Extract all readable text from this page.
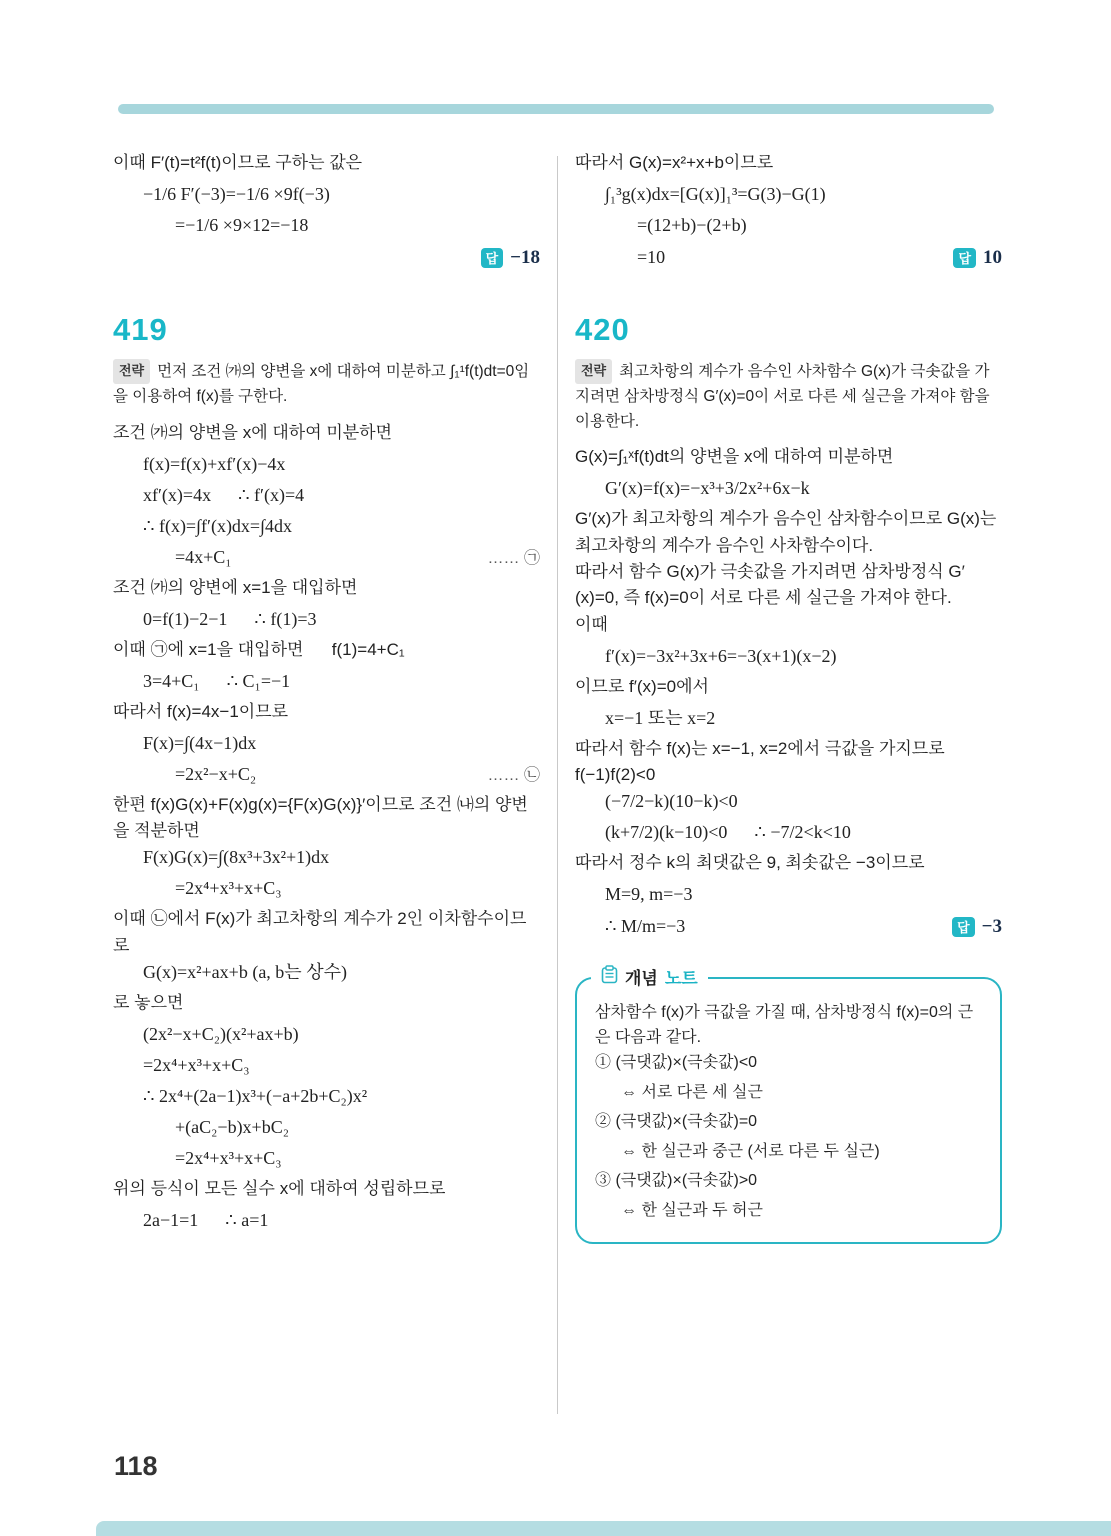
이때 F′(t)=t²f(t)이므로 구하는 값은
−1/6 F′(−3)=−1/6 ×9f(−3)
=−1/6 ×9×12=−18
답 −18
419
전략 먼저 조건 ㈎의 양변을 x에 대하여 미분하고 ∫₁¹f(t)dt=0임을 이용하여 f(x)를 구한다.
조건 ㈎의 양변을 x에 대하여 미분하면
f(x)=f(x)+xf′(x)−4x
xf′(x)=4x      ∴ f′(x)=4
∴ f(x)=∫f′(x)dx=∫4dx
=4x+C₁	…… ㉠
조건 ㈎의 양변에 x=1을 대입하면
0=f(1)−2−1      ∴ f(1)=3
이때 ㉠에 x=1을 대입하면      f(1)=4+C₁
3=4+C₁      ∴ C₁=−1
따라서 f(x)=4x−1이므로
F(x)=∫(4x−1)dx
=2x²−x+C₂	…… ㉡
한편 f(x)G(x)+F(x)g(x)={F(x)G(x)}′이므로 조건 ㈏의 양변을 적분하면
F(x)G(x)=∫(8x³+3x²+1)dx
=2x⁴+x³+x+C₃
이때 ㉡에서 F(x)가 최고차항의 계수가 2인 이차함수이므로
G(x)=x²+ax+b (a, b는 상수)
로 놓으면
(2x²−x+C₂)(x²+ax+b)
=2x⁴+x³+x+C₃
∴ 2x⁴+(2a−1)x³+(−a+2b+C₂)x²
+(aC₂−b)x+bC₂
=2x⁴+x³+x+C₃
위의 등식이 모든 실수 x에 대하여 성립하므로
2a−1=1      ∴ a=1
따라서 G(x)=x²+x+b이므로
∫₁³g(x)dx=[G(x)]₁³=G(3)−G(1)
=(12+b)−(2+b)
=10	답 10
420
전략 최고차항의 계수가 음수인 사차함수 G(x)가 극솟값을 가지려면 삼차방정식 G′(x)=0이 서로 다른 세 실근을 가져야 함을 이용한다.
G(x)=∫₁ˣf(t)dt의 양변을 x에 대하여 미분하면
G′(x)=f(x)=−x³+3/2x²+6x−k
G′(x)가 최고차항의 계수가 음수인 삼차함수이므로 G(x)는 최고차항의 계수가 음수인 사차함수이다.
따라서 함수 G(x)가 극솟값을 가지려면 삼차방정식 G′(x)=0, 즉 f(x)=0이 서로 다른 세 실근을 가져야 한다.
이때
f′(x)=−3x²+3x+6=−3(x+1)(x−2)
이므로 f′(x)=0에서
x=−1 또는 x=2
따라서 함수 f(x)는 x=−1, x=2에서 극값을 가지므로      f(−1)f(2)<0
(−7/2−k)(10−k)<0
(k+7/2)(k−10)<0      ∴ −7/2<k<10
따라서 정수 k의 최댓값은 9, 최솟값은 −3이므로
M=9, m=−3
∴ M/m=−3	답 −3
개념 노트
삼차함수 f(x)가 극값을 가질 때, 삼차방정식 f(x)=0의 근은 다음과 같다.
① (극댓값)×(극솟값)<0
⇔ 서로 다른 세 실근
② (극댓값)×(극솟값)=0
⇔ 한 실근과 중근 (서로 다른 두 실근)
③ (극댓값)×(극솟값)>0
⇔ 한 실근과 두 허근
118
